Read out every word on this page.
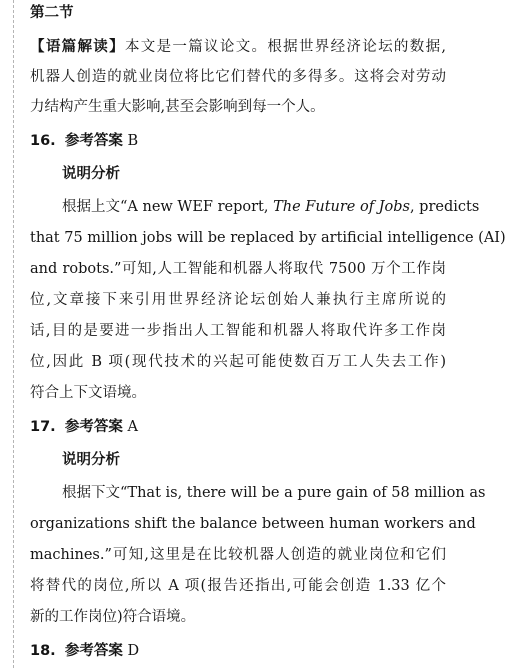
第二节
【语篇解读】本文是一篇议论文。根据世界经济论坛的数据,
机器人创造的就业岗位将比它们替代的多得多。这将会对劳动
力结构产生重大影响,甚至会影响到每一个人。
16. 参考答案 B
说明分析
根据上文“A new WEF report, The Future of Jobs, predicts
that 75 million jobs will be replaced by artificial intelligence (AI)
and robots.”可知,人工智能和机器人将取代 7500 万个工作岗
位,文章接下来引用世界经济论坛创始人兼执行主席所说的
话,目的是要进一步指出人工智能和机器人将取代许多工作岗
位,因此 B 项(现代技术的兴起可能使数百万工人失去工作)
符合上下文语境。
17. 参考答案 A
说明分析
根据下文“That is, there will be a pure gain of 58 million as
organizations shift the balance between human workers and
machines.”可知,这里是在比较机器人创造的就业岗位和它们
将替代的岗位,所以 A 项(报告还指出,可能会创造 1.33 亿个
新的工作岗位)符合语境。
18. 参考答案 D
